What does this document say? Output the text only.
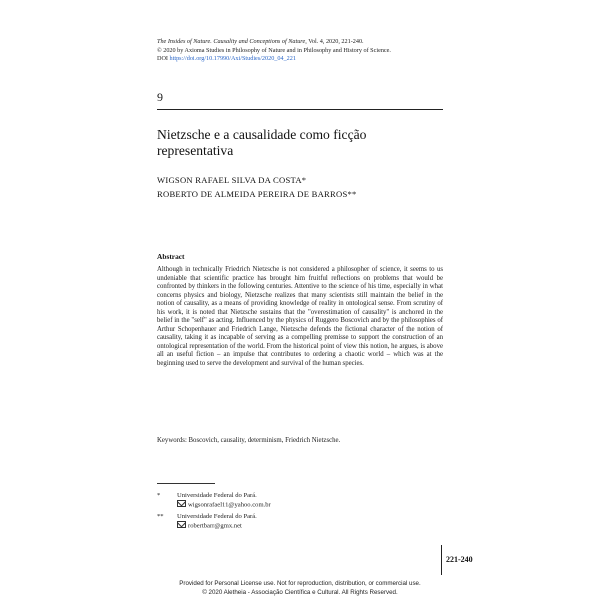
The Insides of Nature. Causality and Conceptions of Nature, Vol. 4, 2020, 221-240.
© 2020 by Axioma Studies in Philosophy of Nature and in Philosophy and History of Science.
DOI https://doi.org/10.17990/Axi/Studies/2020_04_221
9
Nietzsche e a causalidade como ficção representativa
WIGSON RAFAEL SILVA DA COSTA*
ROBERTO DE ALMEIDA PEREIRA DE BARROS**
Abstract
Although in technically Friedrich Nietzsche is not considered a philosopher of science, it seems to us undeniable that scientific practice has brought him fruitful reflections on problems that would be confronted by thinkers in the following centuries. Attentive to the science of his time, especially in what concerns physics and biology, Nietzsche realizes that many scientists still maintain the belief in the notion of causality, as a means of providing knowledge of reality in ontological sense. From scrutiny of his work, it is noted that Nietzsche sustains that the "overestimation of causality" is anchored in the belief in the "self" as acting. Influenced by the physics of Ruggero Boscovich and by the philosophies of Arthur Schopenhauer and Friedrich Lange, Nietzsche defends the fictional character of the notion of causality, taking it as incapable of serving as a compelling premisse to support the construction of an ontological representation of the world. From the historical point of view this notion, he argues, is above all an useful fiction – an impulse that contributes to ordering a chaotic world – which was at the beginning used to serve the development and survival of the human species.
Keywords: Boscovich, causality, determinism, Friedrich Nietzsche.
*	Universidade Federal do Pará.
wigsonrafael11@yahoo.com.br
**	Universidade Federal do Pará.
robertbarr@gmx.net
221-240
Provided for Personal License use. Not for reproduction, distribution, or commercial use.
© 2020 Aletheia - Associação Científica e Cultural. All Rights Reserved.
